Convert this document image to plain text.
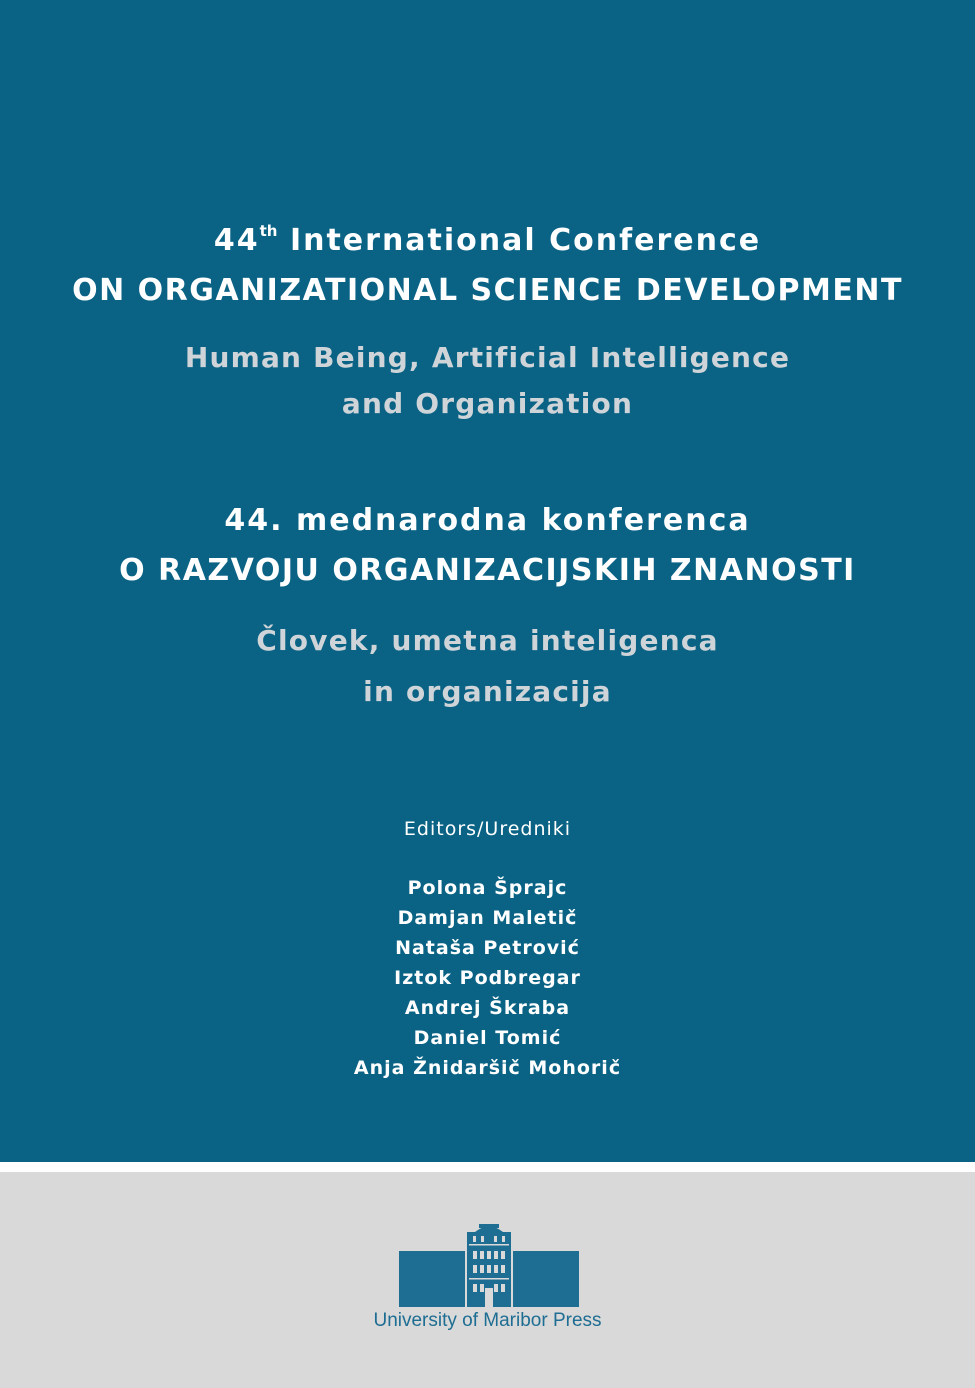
44th International Conference
ON ORGANIZATIONAL SCIENCE DEVELOPMENT
Human Being, Artificial Intelligence
and Organization
44. mednarodna konferenca
O RAZVOJU ORGANIZACIJSKIH ZNANOSTI
Človek, umetna inteligenca
in organizacija
Editors/Uredniki
Polona Šprajc
Damjan Maletič
Nataša Petrović
Iztok Podbregar
Andrej Škraba
Daniel Tomić
Anja Žnidaršič Mohorič
University of Maribor Press
